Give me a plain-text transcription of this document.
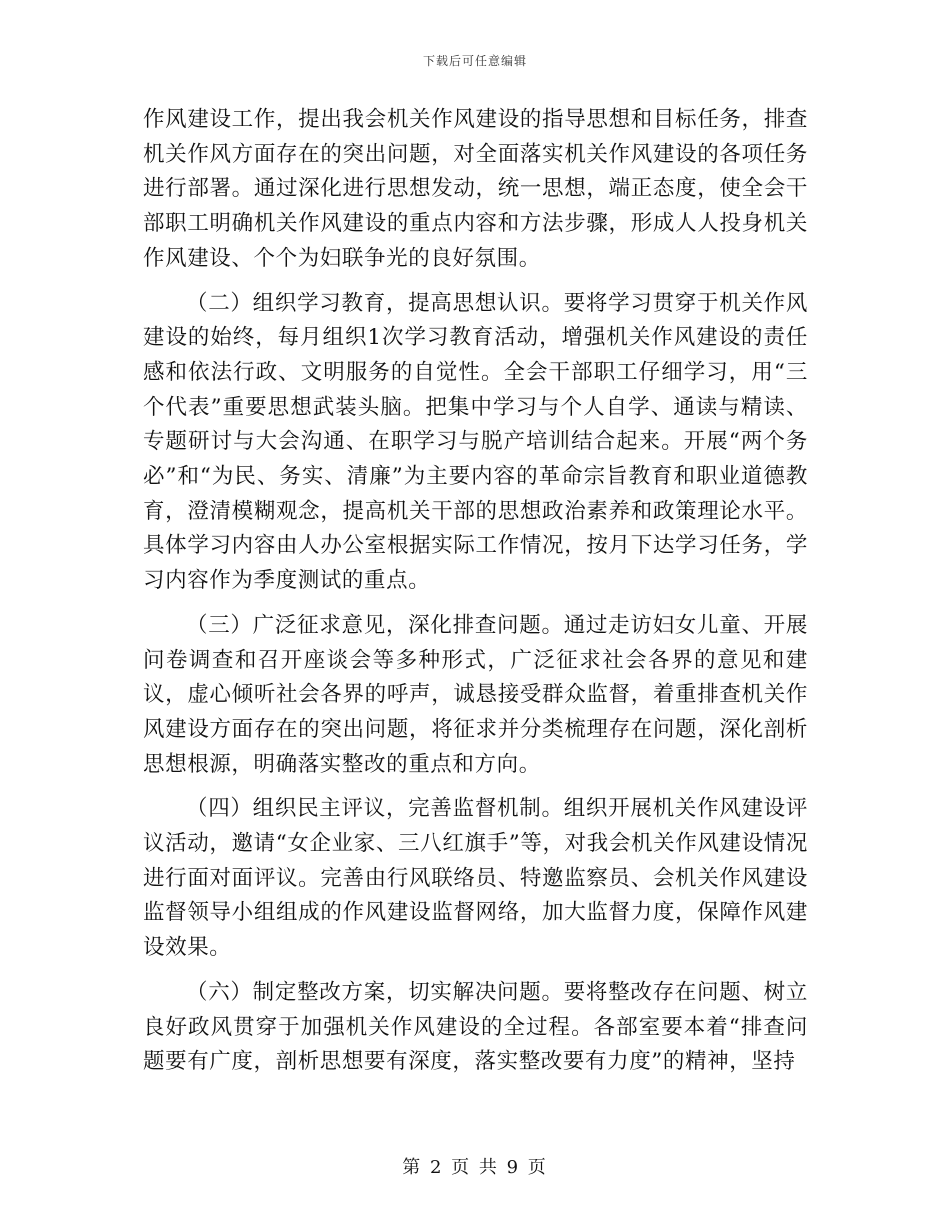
下载后可任意编辑

作风建设工作，提出我会机关作风建设的指导思想和目标任务，排查机关作风方面存在的突出问题，对全面落实机关作风建设的各项任务进行部署。通过深化进行思想发动，统一思想，端正态度，使全会干部职工明确机关作风建设的重点内容和方法步骤，形成人人投身机关作风建设、个个为妇联争光的良好氛围。

（二）组织学习教育，提高思想认识。要将学习贯穿于机关作风建设的始终，每月组织1次学习教育活动，增强机关作风建设的责任感和依法行政、文明服务的自觉性。全会干部职工仔细学习，用“三个代表”重要思想武装头脑。把集中学习与个人自学、通读与精读、专题研讨与大会沟通、在职学习与脱产培训结合起来。开展“两个务必”和“为民、务实、清廉”为主要内容的革命宗旨教育和职业道德教育，澄清模糊观念，提高机关干部的思想政治素养和政策理论水平。具体学习内容由人办公室根据实际工作情况，按月下达学习任务，学习内容作为季度测试的重点。

（三）广泛征求意见，深化排查问题。通过走访妇女儿童、开展问卷调查和召开座谈会等多种形式，广泛征求社会各界的意见和建议，虚心倾听社会各界的呼声，诚恳接受群众监督，着重排查机关作风建设方面存在的突出问题，将征求并分类梳理存在问题，深化剖析思想根源，明确落实整改的重点和方向。

（四）组织民主评议，完善监督机制。组织开展机关作风建设评议活动，邀请“女企业家、三八红旗手”等，对我会机关作风建设情况进行面对面评议。完善由行风联络员、特邀监察员、会机关作风建设监督领导小组组成的作风建设监督网络，加大监督力度，保障作风建设效果。

（六）制定整改方案，切实解决问题。要将整改存在问题、树立良好政风贯穿于加强机关作风建设的全过程。各部室要本着“排查问题要有广度，剖析思想要有深度，落实整改要有力度”的精神，坚持

第 2 页 共 9 页
